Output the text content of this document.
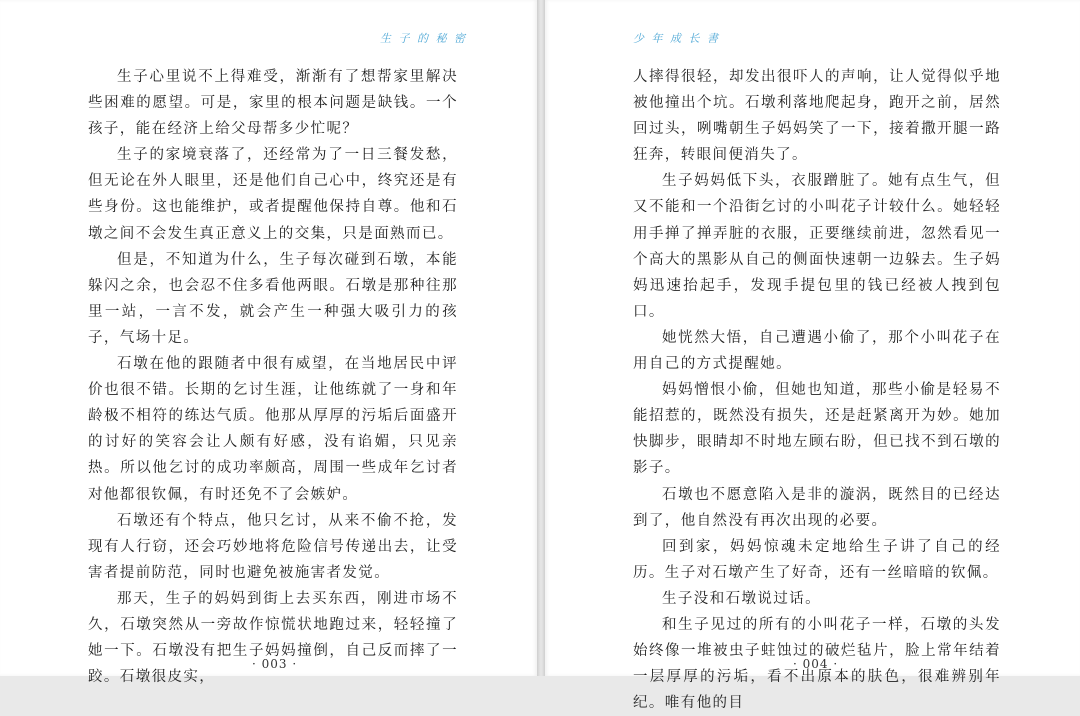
生 子 的 秘 密

生子心里说不上得难受，渐渐有了想帮家里解决些困难的愿望。可是，家里的根本问题是缺钱。一个孩子，能在经济上给父母帮多少忙呢？

生子的家境衰落了，还经常为了一日三餐发愁，但无论在外人眼里，还是他们自己心中，终究还是有些身份。这也能维护，或者提醒他保持自尊。他和石墩之间不会发生真正意义上的交集，只是面熟而已。

但是，不知道为什么，生子每次碰到石墩，本能躲闪之余，也会忍不住多看他两眼。石墩是那种往那里一站，一言不发，就会产生一种强大吸引力的孩子，气场十足。

石墩在他的跟随者中很有威望，在当地居民中评价也很不错。长期的乞讨生涯，让他练就了一身和年龄极不相符的练达气质。他那从厚厚的污垢后面盛开的讨好的笑容会让人颇有好感，没有谄媚，只见亲热。所以他乞讨的成功率颇高，周围一些成年乞讨者对他都很钦佩，有时还免不了会嫉妒。

石墩还有个特点，他只乞讨，从来不偷不抢，发现有人行窃，还会巧妙地将危险信号传递出去，让受害者提前防范，同时也避免被施害者发觉。

那天，生子的妈妈到街上去买东西，刚进市场不久，石墩突然从一旁故作惊慌状地跑过来，轻轻撞了她一下。石墩没有把生子妈妈撞倒，自己反而摔了一跤。石墩很皮实，

· 003 ·
少 年 成 长 書

人摔得很轻，却发出很吓人的声响，让人觉得似乎地被他撞出个坑。石墩利落地爬起身，跑开之前，居然回过头，咧嘴朝生子妈妈笑了一下，接着撒开腿一路狂奔，转眼间便消失了。

生子妈妈低下头，衣服蹭脏了。她有点生气，但又不能和一个沿街乞讨的小叫花子计较什么。她轻轻用手掸了掸弄脏的衣服，正要继续前进，忽然看见一个高大的黑影从自己的侧面快速朝一边躲去。生子妈妈迅速抬起手，发现手提包里的钱已经被人拽到包口。

她恍然大悟，自己遭遇小偷了，那个小叫花子在用自己的方式提醒她。

妈妈憎恨小偷，但她也知道，那些小偷是轻易不能招惹的，既然没有损失，还是赶紧离开为妙。她加快脚步，眼睛却不时地左顾右盼，但已找不到石墩的影子。

石墩也不愿意陷入是非的漩涡，既然目的已经达到了，他自然没有再次出现的必要。

回到家，妈妈惊魂未定地给生子讲了自己的经历。生子对石墩产生了好奇，还有一丝暗暗的钦佩。

生子没和石墩说过话。

和生子见过的所有的小叫花子一样，石墩的头发始终像一堆被虫子蛀蚀过的破烂毡片，脸上常年结着一层厚厚的污垢，看不出原本的肤色，很难辨别年纪。唯有他的目

· 004 ·
